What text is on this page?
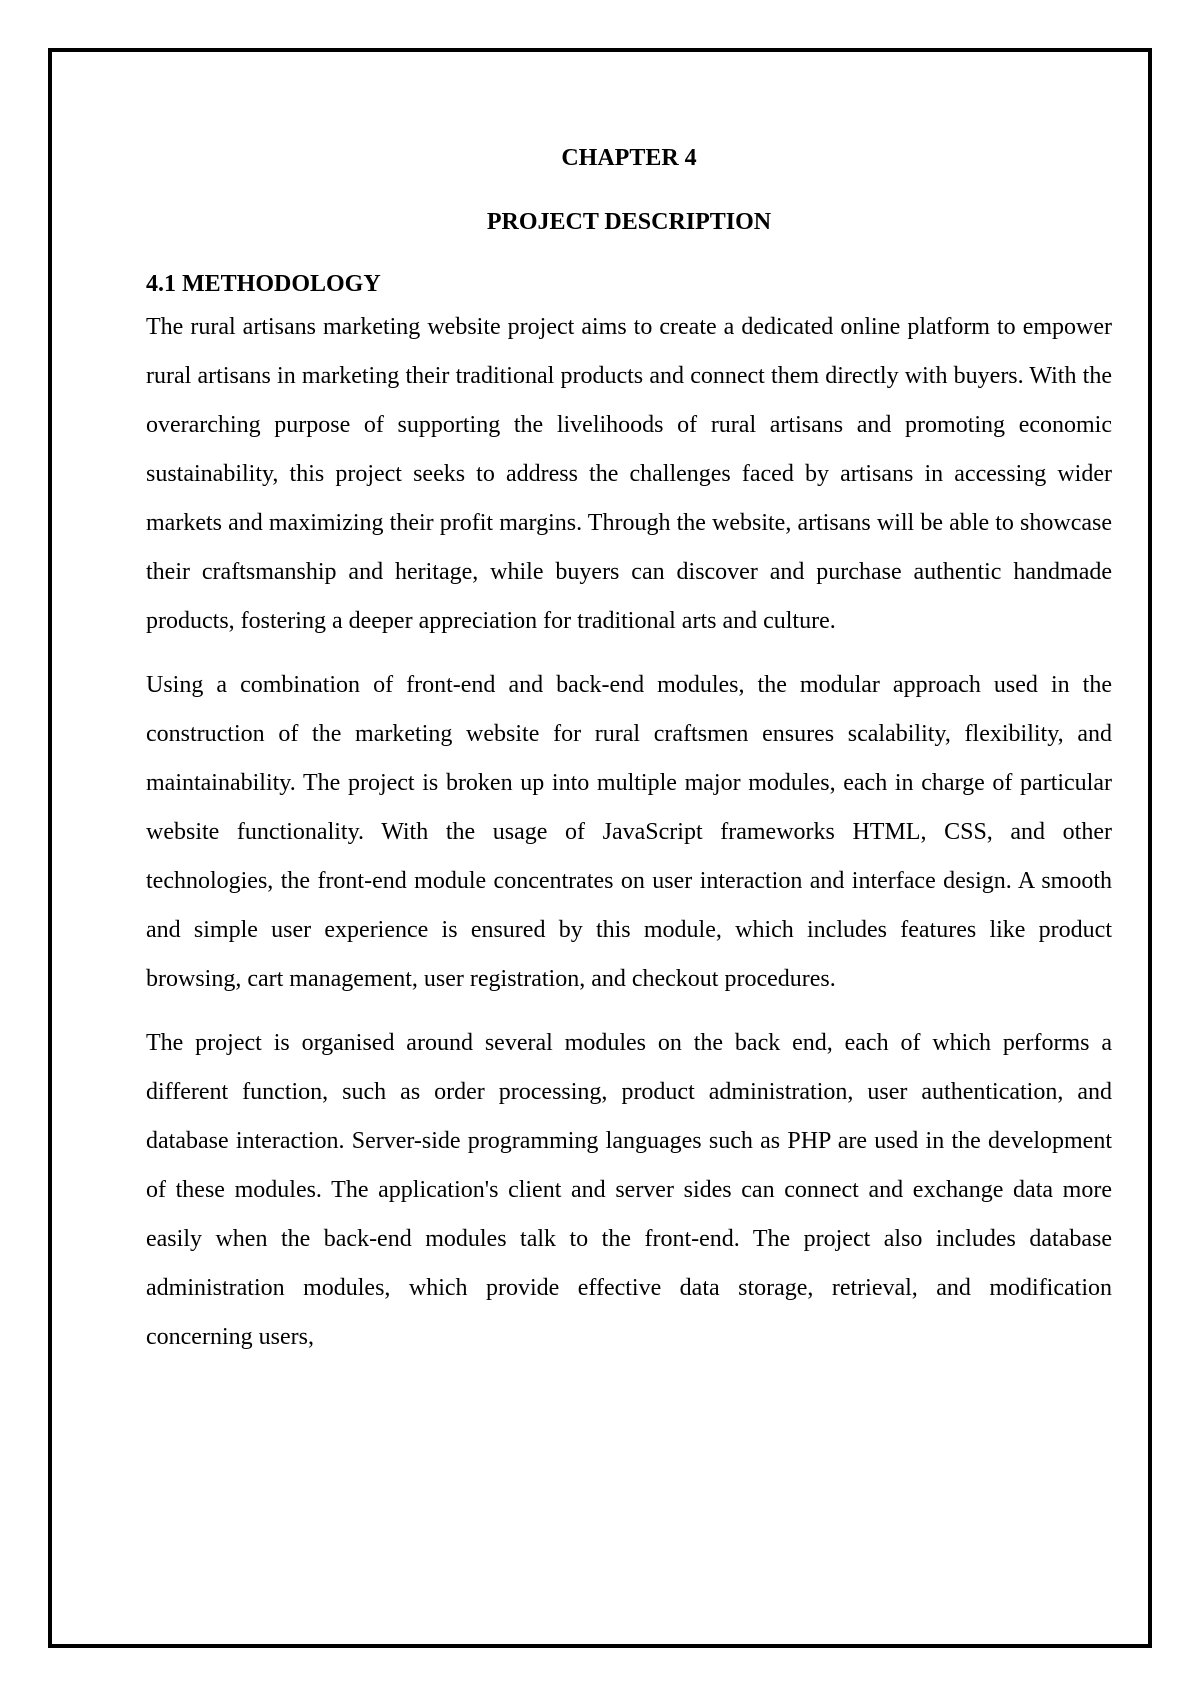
CHAPTER 4
PROJECT DESCRIPTION
4.1 METHODOLOGY

The rural artisans marketing website project aims to create a dedicated online platform to empower rural artisans in marketing their traditional products and connect them directly with buyers. With the overarching purpose of supporting the livelihoods of rural artisans and promoting economic sustainability, this project seeks to address the challenges faced by artisans in accessing wider markets and maximizing their profit margins. Through the website, artisans will be able to showcase their craftsmanship and heritage, while buyers can discover and purchase authentic handmade products, fostering a deeper appreciation for traditional arts and culture.

Using a combination of front-end and back-end modules, the modular approach used in the construction of the marketing website for rural craftsmen ensures scalability, flexibility, and maintainability. The project is broken up into multiple major modules, each in charge of particular website functionality. With the usage of JavaScript frameworks HTML, CSS, and other technologies, the front-end module concentrates on user interaction and interface design. A smooth and simple user experience is ensured by this module, which includes features like product browsing, cart management, user registration, and checkout procedures.

The project is organised around several modules on the back end, each of which performs a different function, such as order processing, product administration, user authentication, and database interaction. Server-side programming languages such as PHP are used in the development of these modules. The application's client and server sides can connect and exchange data more easily when the back-end modules talk to the front-end. The project also includes database administration modules, which provide effective data storage, retrieval, and modification concerning users,
